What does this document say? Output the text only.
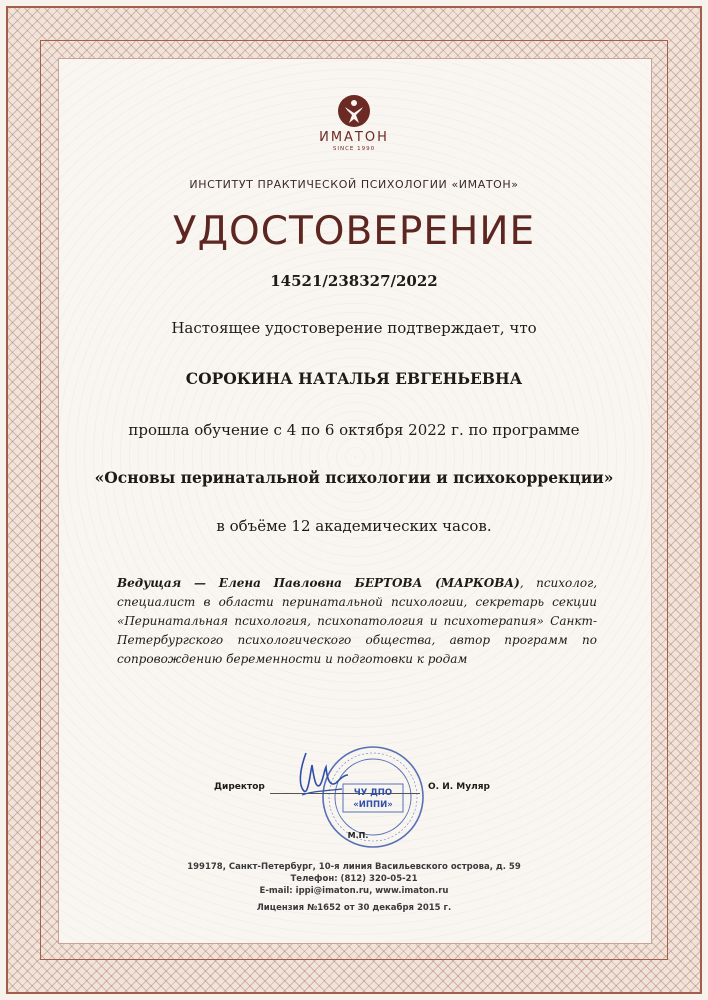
ИМАТОН
SINCE 1990
ИНСТИТУТ ПРАКТИЧЕСКОЙ ПСИХОЛОГИИ «ИМАТОН»
УДОСТОВЕРЕНИЕ
14521/238327/2022
Настоящее удостоверение подтверждает, что
СОРОКИНА НАТАЛЬЯ ЕВГЕНЬЕВНА
прошла обучение с 4 по 6 октября 2022 г. по программе
«Основы перинатальной психологии и психокоррекции»
в объёме 12 академических часов.
Ведущая — Елена Павловна БЕРТОВА (МАРКОВА), психолог, специалист в области перинатальной психологии, секретарь секции «Перинатальная психология, психопатология и психотерапия» Санкт-Петербургского психологического общества, автор программ по сопровождению беременности и подготовки к родам
Директор
ЧУ ДПО
«ИППИ»
М.П.
О. И. Муляр
199178, Санкт-Петербург, 10-я линия Васильевского острова, д. 59
Телефон: (812) 320-05-21
E-mail: ippi@imaton.ru, www.imaton.ru
Лицензия №1652 от 30 декабря 2015 г.
